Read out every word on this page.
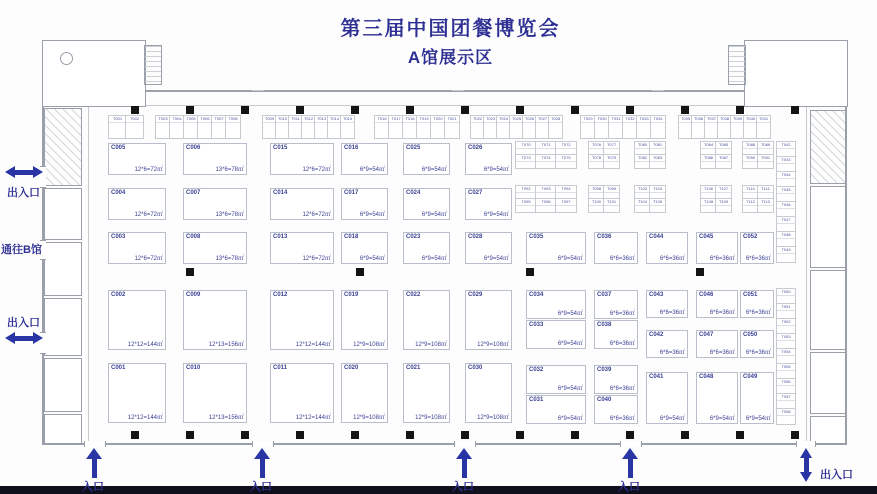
第三届中国团餐博览会
A馆展示区
出入口
通往B馆
出入口
出入口
C005
12*6=72㎡
C004
12*6=72㎡
C003
12*6=72㎡
C002
12*12=144㎡
C001
12*12=144㎡
C006
13*6=78㎡
C007
13*6=78㎡
C008
13*6=78㎡
C009
12*13=156㎡
C010
12*13=156㎡
C015
12*6=72㎡
C014
12*6=72㎡
C013
12*6=72㎡
C012
12*12=144㎡
C011
12*12=144㎡
C016
6*9=54㎡
C017
6*9=54㎡
C018
6*9=54㎡
C019
12*9=108㎡
C020
12*9=108㎡
C025
6*9=54㎡
C024
6*9=54㎡
C023
6*9=54㎡
C022
12*9=108㎡
C021
12*9=108㎡
C026
6*9=54㎡
C027
6*9=54㎡
C028
6*9=54㎡
C029
12*9=108㎡
C030
12*9=108㎡
C035
6*9=54㎡
C034
6*9=54㎡
C033
6*9=54㎡
C032
6*9=54㎡
C031
6*9=54㎡
C036
6*6=36㎡
C037
6*6=36㎡
C038
6*6=36㎡
C039
6*6=36㎡
C040
6*6=36㎡
C044
6*6=36㎡
C043
6*6=36㎡
C042
6*6=36㎡
C041
6*9=54㎡
C045
6*6=36㎡
C046
6*6=36㎡
C047
6*6=36㎡
C048
6*9=54㎡
C052
6*6=36㎡
C051
6*6=36㎡
C050
6*6=36㎡
C049
6*9=54㎡
T001	T002	T003	T004	T005	T006	T007	T008	T009 T010	T011	T012 T013 T014 T015	T016	T017	T018	T019	T020	T021	T022 T023 T024 T025 T026 T027 T028	T029	T030	T031	T032	T033	T034	T035 T036 T037 T038 T039 T040 T041
T070	T071	T072
T073	T074	T075
T076	T077
T078	T079
T080	T081
T082	T083
T084	T085
T086	T087
T088	T089
T090	T091
T092	T093	T094
T095	T096	T097
T098	T099
T100	T101
T102	T103
T104	T105
T106	T107
T108	T109
T110	T111
T112	T113
T042
T043
T044
T045
T046
T047
T048
T049
T050
T051
T052
T053
T054
T055
T056
T057
T058
入口	入口	入口	入口
